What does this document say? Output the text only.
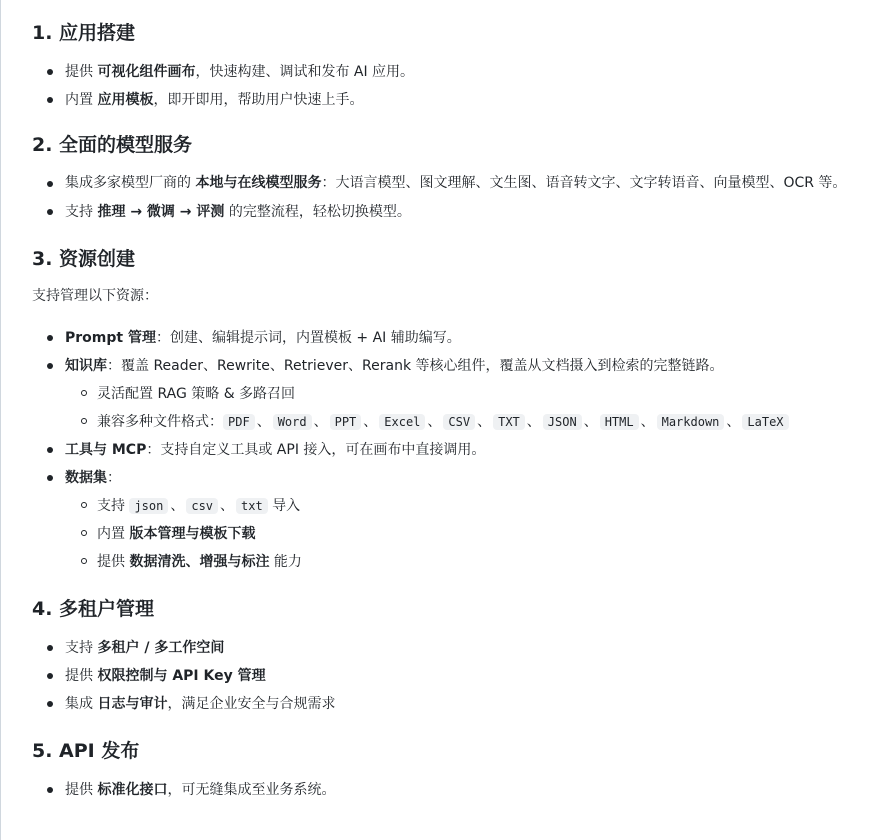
1. 应用搭建
提供 可视化组件画布，快速构建、调试和发布 AI 应用。
内置 应用模板，即开即用，帮助用户快速上手。
2. 全面的模型服务
集成多家模型厂商的 本地与在线模型服务：大语言模型、图文理解、文生图、语音转文字、文字转语音、向量模型、OCR 等。
支持 推理 → 微调 → 评测 的完整流程，轻松切换模型。
3. 资源创建

支持管理以下资源：

Prompt 管理：创建、编辑提示词，内置模板 + AI 辅助编写。
知识库：覆盖 Reader、Rewrite、Retriever、Rerank 等核心组件，覆盖从文档摄入到检索的完整链路。
灵活配置 RAG 策略 & 多路召回
兼容多种文件格式： PDF 、 Word 、 PPT 、 Excel 、 CSV 、 TXT 、 JSON 、 HTML 、 Markdown 、 LaTeX
工具与 MCP：支持自定义工具或 API 接入，可在画布中直接调用。
数据集：
支持 json 、 csv 、 txt 导入
内置 版本管理与模板下载
提供 数据清洗、增强与标注 能力
4. 多租户管理
支持 多租户 / 多工作空间
提供 权限控制与 API Key 管理
集成 日志与审计，满足企业安全与合规需求
5. API 发布
提供 标准化接口，可无缝集成至业务系统。
